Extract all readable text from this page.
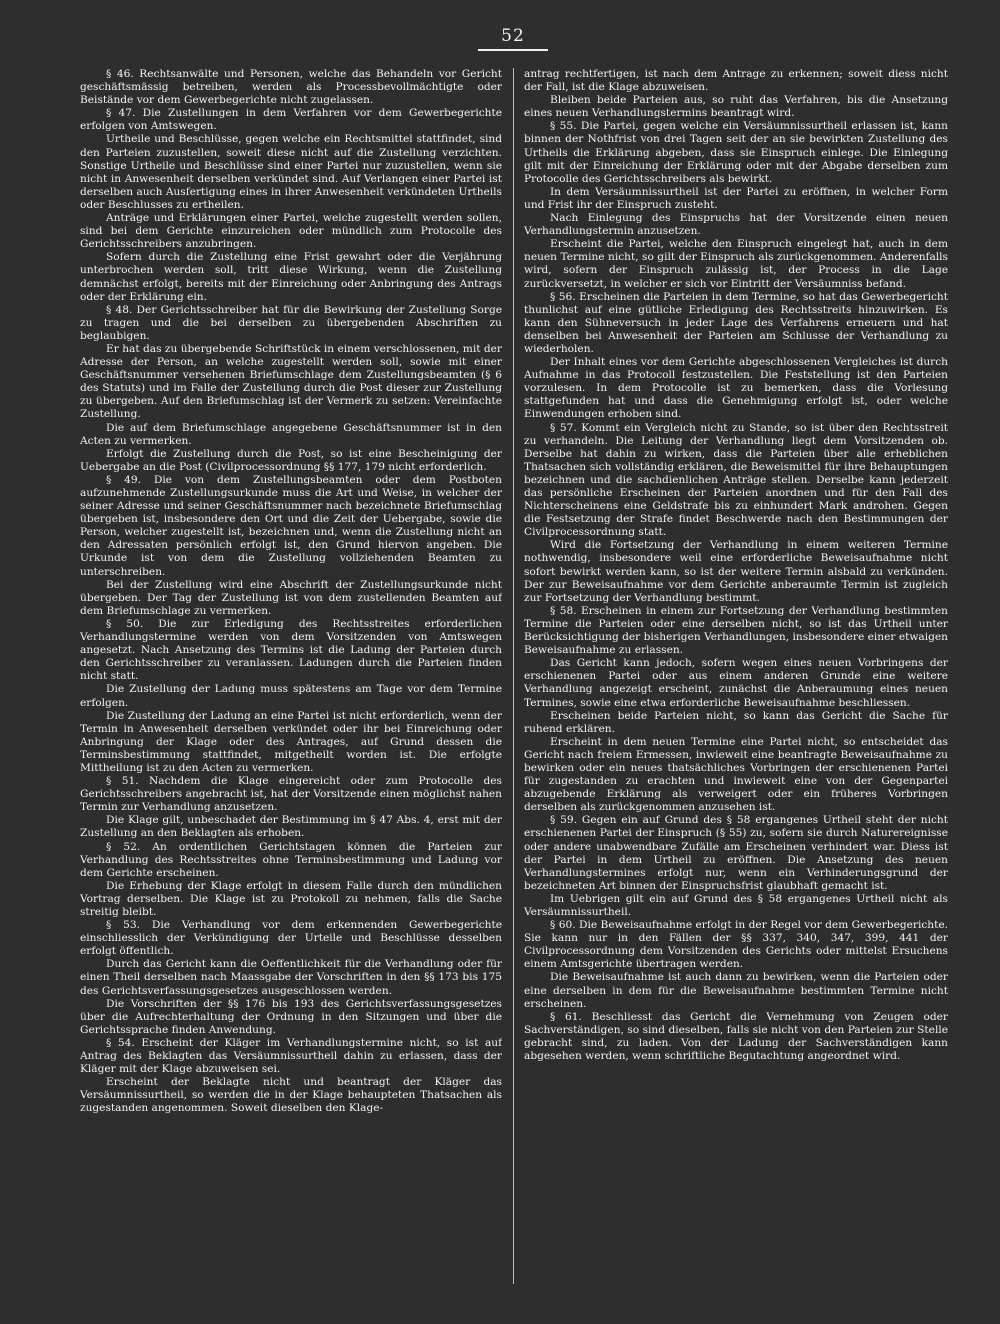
52

§ 46. Rechtsanwälte und Personen, welche das Behandeln vor Gericht geschäftsmässig betreiben, werden als Processbevollmächtigte oder Beistände vor dem Gewerbegerichte nicht zugelassen.

§ 47. Die Zustellungen in dem Verfahren vor dem Gewerbegerichte erfolgen von Amtswegen.

Urtheile und Beschlüsse, gegen welche ein Rechtsmittel stattfindet, sind den Parteien zuzustellen, soweit diese nicht auf die Zustellung verzichten. Sonstige Urtheile und Beschlüsse sind einer Partei nur zuzustellen, wenn sie nicht in Anwesenheit derselben verkündet sind. Auf Verlangen einer Partei ist derselben auch Ausfertigung eines in ihrer Anwesenheit verkündeten Urtheils oder Beschlusses zu ertheilen.

Anträge und Erklärungen einer Partei, welche zugestellt werden sollen, sind bei dem Gerichte einzureichen oder mündlich zum Protocolle des Gerichtsschreibers anzubringen.

Sofern durch die Zustellung eine Frist gewahrt oder die Verjährung unterbrochen werden soll, tritt diese Wirkung, wenn die Zustellung demnächst erfolgt, bereits mit der Einreichung oder Anbringung des Antrags oder der Erklärung ein.

§ 48. Der Gerichtsschreiber hat für die Bewirkung der Zustellung Sorge zu tragen und die bei derselben zu übergebenden Abschriften zu beglaubigen.

Er hat das zu übergebende Schriftstück in einem verschlossenen, mit der Adresse der Person, an welche zugestellt werden soll, sowie mit einer Geschäftsnummer versehenen Briefumschlage dem Zustellungsbeamten (§ 6 des Statuts) und im Falle der Zustellung durch die Post dieser zur Zustellung zu übergeben. Auf den Briefumschlag ist der Vermerk zu setzen: Vereinfachte Zustellung.

Die auf dem Briefumschlage angegebene Geschäftsnummer ist in den Acten zu vermerken.

Erfolgt die Zustellung durch die Post, so ist eine Bescheinigung der Uebergabe an die Post (Civilprocessordnung §§ 177, 179 nicht erforderlich.

§ 49. Die von dem Zustellungsbeamten oder dem Postboten aufzunehmende Zustellungsurkunde muss die Art und Weise, in welcher der seiner Adresse und seiner Geschäftsnummer nach bezeichnete Briefumschlag übergeben ist, insbesondere den Ort und die Zeit der Uebergabe, sowie die Person, welcher zugestellt ist, bezeichnen und, wenn die Zustellung nicht an den Adressaten persönlich erfolgt ist, den Grund hiervon angeben. Die Urkunde ist von dem die Zustellung vollziehenden Beamten zu unterschreiben.

Bei der Zustellung wird eine Abschrift der Zustellungsurkunde nicht übergeben. Der Tag der Zustellung ist von dem zustellenden Beamten auf dem Briefumschlage zu vermerken.

§ 50. Die zur Erledigung des Rechtsstreites erforderlichen Verhandlungstermine werden von dem Vorsitzenden von Amtswegen angesetzt. Nach Ansetzung des Termins ist die Ladung der Parteien durch den Gerichtsschreiber zu veranlassen. Ladungen durch die Parteien finden nicht statt.

Die Zustellung der Ladung muss spätestens am Tage vor dem Termine erfolgen.

Die Zustellung der Ladung an eine Partei ist nicht erforderlich, wenn der Termin in Anwesenheit derselben verkündet oder ihr bei Einreichung oder Anbringung der Klage oder des Antrages, auf Grund dessen die Terminsbestimmung stattfindet, mitgetheilt worden ist. Die erfolgte Mittheilung ist zu den Acten zu vermerken.

§ 51. Nachdem die Klage eingereicht oder zum Protocolle des Gerichtsschreibers angebracht ist, hat der Vorsitzende einen möglichst nahen Termin zur Verhandlung anzusetzen.

Die Klage gilt, unbeschadet der Bestimmung im § 47 Abs. 4, erst mit der Zustellung an den Beklagten als erhoben.

§ 52. An ordentlichen Gerichtstagen können die Parteien zur Verhandlung des Rechtsstreites ohne Terminsbestimmung und Ladung vor dem Gerichte erscheinen.

Die Erhebung der Klage erfolgt in diesem Falle durch den mündlichen Vortrag derselben. Die Klage ist zu Protokoll zu nehmen, falls die Sache streitig bleibt.

§ 53. Die Verhandlung vor dem erkennenden Gewerbegerichte einschliesslich der Verkündigung der Urteile und Beschlüsse desselben erfolgt öffentlich.

Durch das Gericht kann die Oeffentlichkeit für die Verhandlung oder für einen Theil derselben nach Maassgabe der Vorschriften in den §§ 173 bis 175 des Gerichtsverfassungsgesetzes ausgeschlossen werden.

Die Vorschriften der §§ 176 bis 193 des Gerichtsverfassungsgesetzes über die Aufrechterhaltung der Ordnung in den Sitzungen und über die Gerichtssprache finden Anwendung.

§ 54. Erscheint der Kläger im Verhandlungstermine nicht, so ist auf Antrag des Beklagten das Versäumnissurtheil dahin zu erlassen, dass der Kläger mit der Klage abzuweisen sei.

Erscheint der Beklagte nicht und beantragt der Kläger das Versäumnissurtheil, so werden die in der Klage behaupteten Thatsachen als zugestanden angenommen. Soweit dieselben den Klage-

antrag rechtfertigen, ist nach dem Antrage zu erkennen; soweit diess nicht der Fall, ist die Klage abzuweisen.

Bleiben beide Parteien aus, so ruht das Verfahren, bis die Ansetzung eines neuen Verhandlungstermins beantragt wird.

§ 55. Die Partei, gegen welche ein Versäumnissurtheil erlassen ist, kann binnen der Nothfrist von drei Tagen seit der an sie bewirkten Zustellung des Urtheils die Erklärung abgeben, dass sie Einspruch einlege. Die Einlegung gilt mit der Einreichung der Erklärung oder mit der Abgabe derselben zum Protocolle des Gerichtsschreibers als bewirkt.

In dem Versäumnissurtheil ist der Partei zu eröffnen, in welcher Form und Frist ihr der Einspruch zusteht.

Nach Einlegung des Einspruchs hat der Vorsitzende einen neuen Verhandlungstermin anzusetzen.

Erscheint die Partei, welche den Einspruch eingelegt hat, auch in dem neuen Termine nicht, so gilt der Einspruch als zurückgenommen. Anderenfalls wird, sofern der Einspruch zulässig ist, der Process in die Lage zurückversetzt, in welcher er sich vor Eintritt der Versäumniss befand.

§ 56. Erscheinen die Parteien in dem Termine, so hat das Gewerbegericht thunlichst auf eine gütliche Erledigung des Rechtsstreits hinzuwirken. Es kann den Sühneversuch in jeder Lage des Verfahrens erneuern und hat denselben bei Anwesenheit der Parteien am Schlusse der Verhandlung zu wiederholen.

Der Inhalt eines vor dem Gerichte abgeschlossenen Vergleiches ist durch Aufnahme in das Protocoll festzustellen. Die Feststellung ist den Parteien vorzulesen. In dem Protocolle ist zu bemerken, dass die Vorlesung stattgefunden hat und dass die Genehmigung erfolgt ist, oder welche Einwendungen erhoben sind.

§ 57. Kommt ein Vergleich nicht zu Stande, so ist über den Rechtsstreit zu verhandeln. Die Leitung der Verhandlung liegt dem Vorsitzenden ob. Derselbe hat dahin zu wirken, dass die Parteien über alle erheblichen Thatsachen sich vollständig erklären, die Beweismittel für ihre Behauptungen bezeichnen und die sachdienlichen Anträge stellen. Derselbe kann jederzeit das persönliche Erscheinen der Parteien anordnen und für den Fall des Nichterscheinens eine Geldstrafe bis zu einhundert Mark androhen. Gegen die Festsetzung der Strafe findet Beschwerde nach den Bestimmungen der Civilprocessordnung statt.

Wird die Fortsetzung der Verhandlung in einem weiteren Termine nothwendig, insbesondere weil eine erforderliche Beweisaufnahme nicht sofort bewirkt werden kann, so ist der weitere Termin alsbald zu verkünden. Der zur Beweisaufnahme vor dem Gerichte anberaumte Termin ist zugleich zur Fortsetzung der Verhandlung bestimmt.

§ 58. Erscheinen in einem zur Fortsetzung der Verhandlung bestimmten Termine die Parteien oder eine derselben nicht, so ist das Urtheil unter Berücksichtigung der bisherigen Verhandlungen, insbesondere einer etwaigen Beweisaufnahme zu erlassen.

Das Gericht kann jedoch, sofern wegen eines neuen Vorbringens der erschienenen Partei oder aus einem anderen Grunde eine weitere Verhandlung angezeigt erscheint, zunächst die Anberaumung eines neuen Termines, sowie eine etwa erforderliche Beweisaufnahme beschliessen.

Erscheinen beide Parteien nicht, so kann das Gericht die Sache für ruhend erklären.

Erscheint in dem neuen Termine eine Partei nicht, so entscheidet das Gericht nach freiem Ermessen, inwieweit eine beantragte Beweisaufnahme zu bewirken oder ein neues thatsächliches Vorbringen der erschienenen Partei für zugestanden zu erachten und inwieweit eine von der Gegenpartei abzugebende Erklärung als verweigert oder ein früheres Vorbringen derselben als zurückgenommen anzusehen ist.

§ 59. Gegen ein auf Grund des § 58 ergangenes Urtheil steht der nicht erschienenen Partei der Einspruch (§ 55) zu, sofern sie durch Naturereignisse oder andere unabwendbare Zufälle am Erscheinen verhindert war. Diess ist der Partei in dem Urtheil zu eröffnen. Die Ansetzung des neuen Verhandlungstermines erfolgt nur, wenn ein Verhinderungsgrund der bezeichneten Art binnen der Einspruchsfrist glaubhaft gemacht ist.

Im Uebrigen gilt ein auf Grund des § 58 ergangenes Urtheil nicht als Versäumnissurtheil.

§ 60. Die Beweisaufnahme erfolgt in der Regel vor dem Gewerbegerichte. Sie kann nur in den Fällen der §§ 337, 340, 347, 399, 441 der Civilprocessordnung dem Vorsitzenden des Gerichts oder mittelst Ersuchens einem Amtsgerichte übertragen werden.

Die Beweisaufnahme ist auch dann zu bewirken, wenn die Parteien oder eine derselben in dem für die Beweisaufnahme bestimmten Termine nicht erscheinen.

§ 61. Beschliesst das Gericht die Vernehmung von Zeugen oder Sachverständigen, so sind dieselben, falls sie nicht von den Parteien zur Stelle gebracht sind, zu laden. Von der Ladung der Sachverständigen kann abgesehen werden, wenn schriftliche Begutachtung angeordnet wird.
